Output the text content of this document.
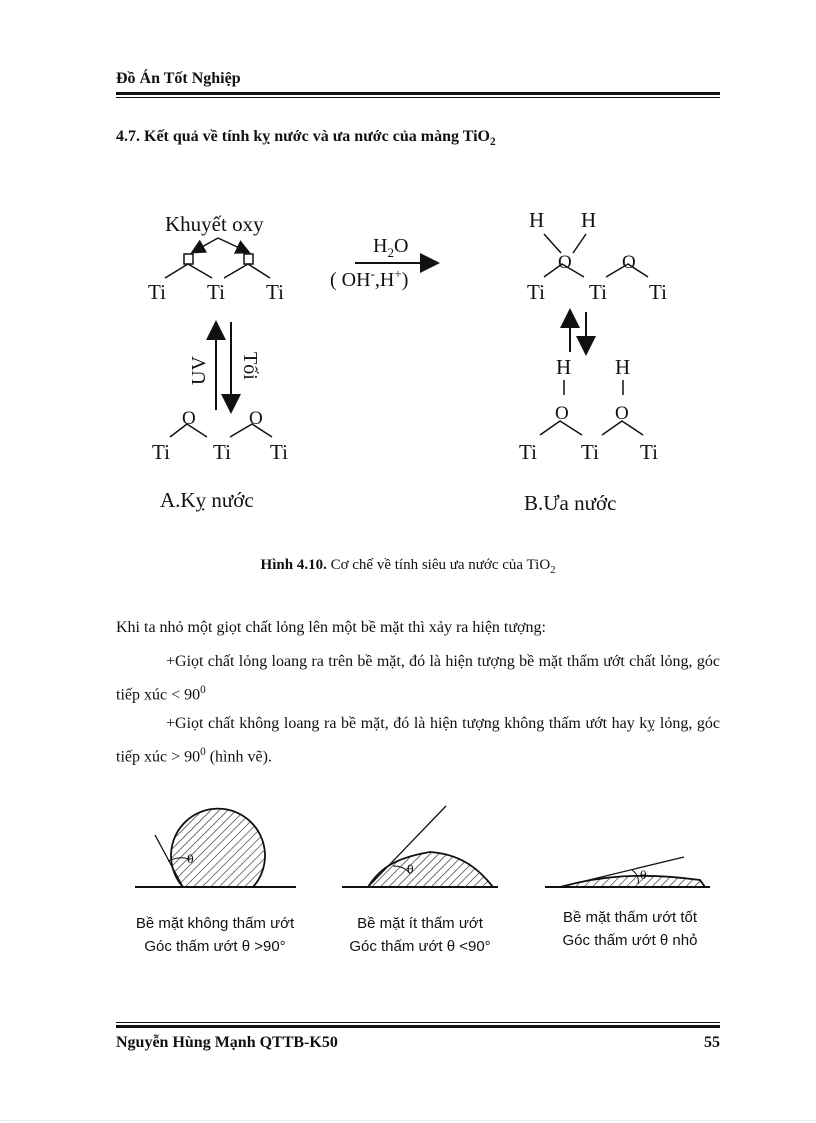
Đồ Án Tốt Nghiệp
4.7. Kết quả về tính kỵ nước và ưa nước của màng TiO$_2$
Khuyết oxy
Ti Ti Ti
UV Tối
O	O
Ti Ti Ti
A.Kỵ nước
$H_2O$
( OH-,H+)
H H
O	O
Ti Ti Ti
H H
O O
Ti Ti Ti
B.Ưa nước
Hình 4.10. Cơ chế về tính siêu ưa nước của TiO$_2$
Khi ta nhỏ một giọt chất lỏng lên một bề mặt thì xảy ra hiện tượng:
+Giọt chất lỏng loang ra trên bề mặt, đó là hiện tượng bề mặt thấm ướt chất lỏng, góc tiếp xúc < $90^0$
+Giọt chất không loang ra bề mặt, đó là hiện tượng không thấm ướt hay kỵ lỏng, góc tiếp xúc > $90^0$ (hình vẽ).
θ
θ	θ
Bề mặt không thấm ướt
Góc thấm ướt θ >90°
Bề mặt ít thấm ướt
Góc thấm ướt θ <90°
Bề mặt thấm ướt tốt
Góc thấm ướt θ nhỏ
Nguyễn Hùng Mạnh QTTB-K50	55
